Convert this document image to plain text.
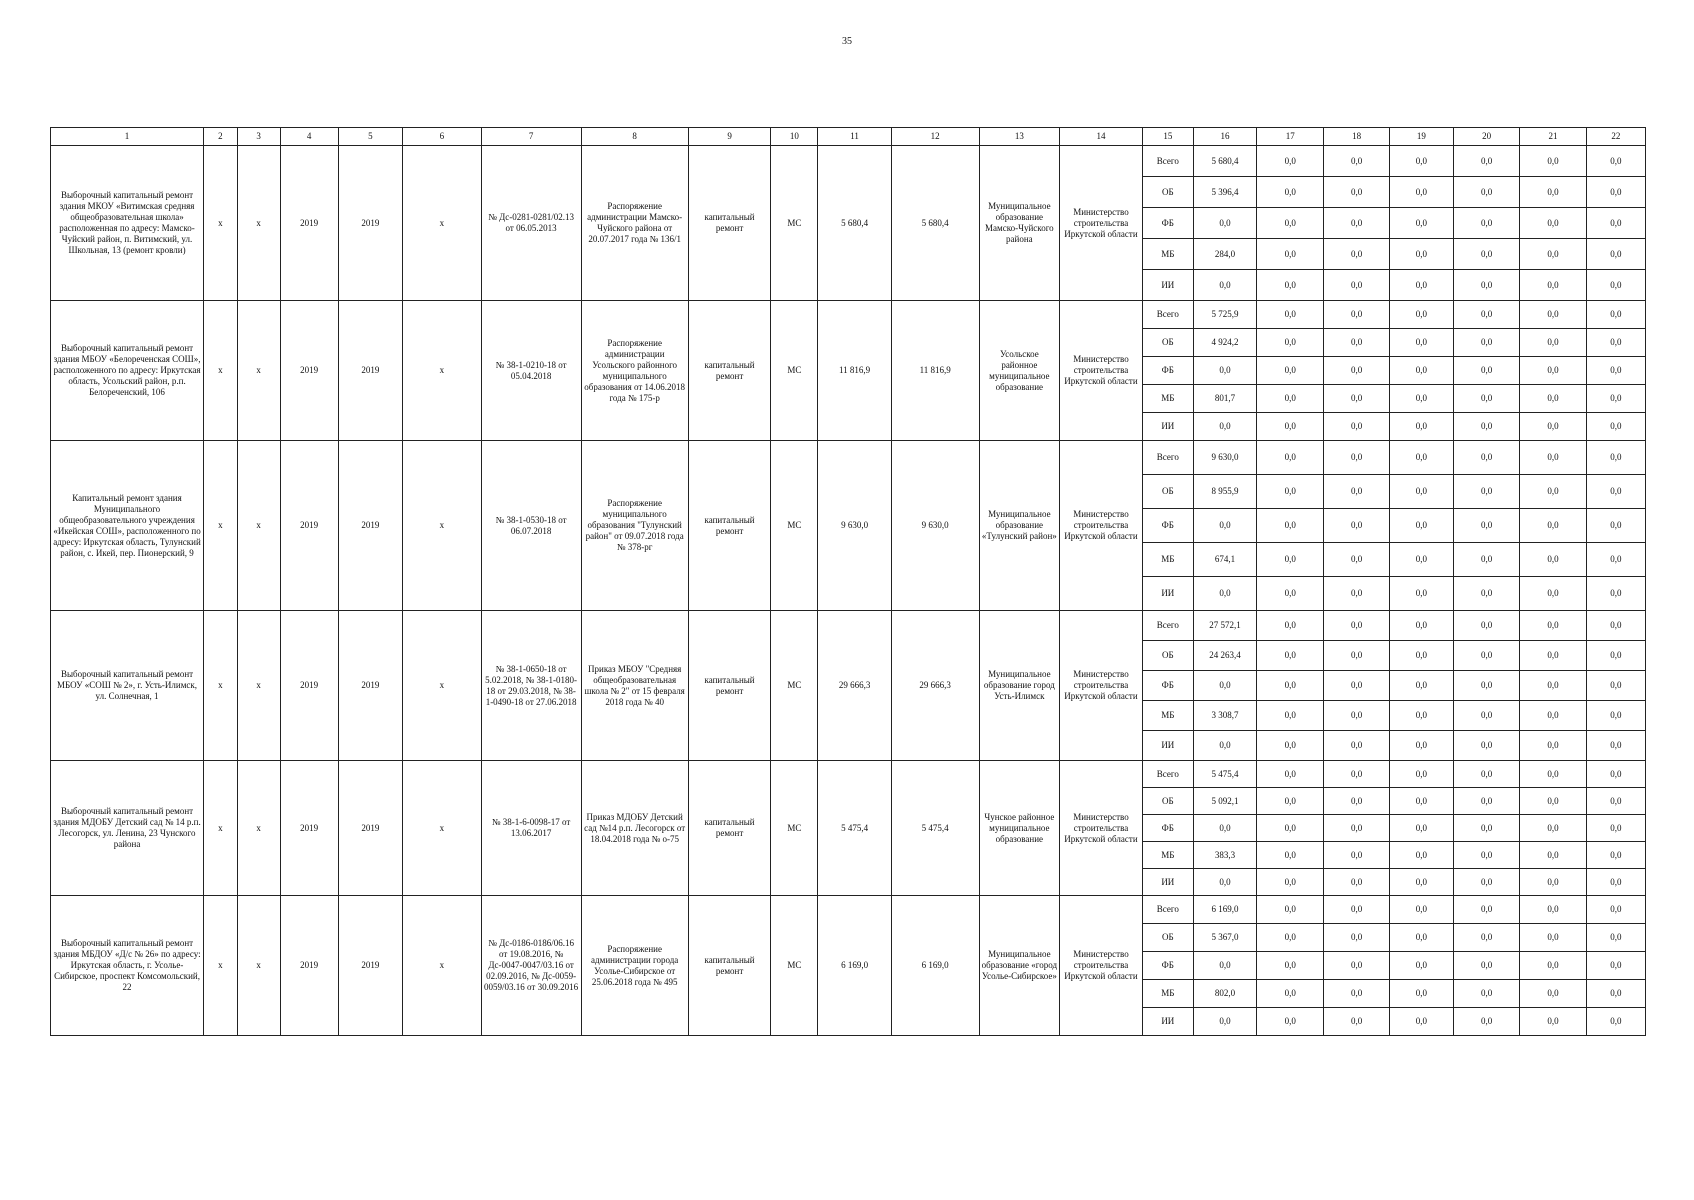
35
1	2	3	4	5	6	7	8	9	10	11	12	13	14	15	16	17	18	19	20	21	22
Выборочный капитальный ремонт здания МКОУ «Витимская средняя общеобразовательная школа» расположенная по адресу: Мамско-Чуйский район, п. Витимский, ул. Школьная, 13 (ремонт кровли)	x	x	2019	2019	x	№ Дс-0281-0281/02.13 от 06.05.2013	Распоряжение администрации Мамско-Чуйского района от 20.07.2017 года № 136/1	капитальный ремонт	МС	5 680,4	5 680,4	Муниципальное образование Мамско-Чуйского района	Министерство строительства Иркутской области	Всего	5 680,4	0,0	0,0	0,0	0,0	0,0	0,0
														ОБ	5 396,4	0,0	0,0	0,0	0,0	0,0	0,0
														ФБ	0,0	0,0	0,0	0,0	0,0	0,0	0,0
														МБ	284,0	0,0	0,0	0,0	0,0	0,0	0,0
														ИИ	0,0	0,0	0,0	0,0	0,0	0,0	0,0
Выборочный капитальный ремонт здания МБОУ «Белореченская СОШ», расположенного по адресу: Иркутская область, Усольский район, р.п. Белореченский, 106	x	x	2019	2019	x	№ 38-1-0210-18 от 05.04.2018	Распоряжение администрации Усольского районного муниципального образования от 14.06.2018 года № 175-р	капитальный ремонт	МС	11 816,9	11 816,9	Усольское районное муниципальное образование	Министерство строительства Иркутской области	Всего	5 725,9	0,0	0,0	0,0	0,0	0,0	0,0
														ОБ	4 924,2	0,0	0,0	0,0	0,0	0,0	0,0
														ФБ	0,0	0,0	0,0	0,0	0,0	0,0	0,0
														МБ	801,7	0,0	0,0	0,0	0,0	0,0	0,0
														ИИ	0,0	0,0	0,0	0,0	0,0	0,0	0,0
Капитальный ремонт здания Муниципального общеобразовательного учреждения «Икейская СОШ», расположенного по адресу: Иркутская область, Тулунский район, с. Икей, пер. Пионерский, 9	x	x	2019	2019	x	№ 38-1-0530-18 от 06.07.2018	Распоряжение муниципального образования "Тулунский район" от 09.07.2018 года № 378-рг	капитальный ремонт	МС	9 630,0	9 630,0	Муниципальное образование «Тулунский район»	Министерство строительства Иркутской области	Всего	9 630,0	0,0	0,0	0,0	0,0	0,0	0,0
														ОБ	8 955,9	0,0	0,0	0,0	0,0	0,0	0,0
														ФБ	0,0	0,0	0,0	0,0	0,0	0,0	0,0
														МБ	674,1	0,0	0,0	0,0	0,0	0,0	0,0
														ИИ	0,0	0,0	0,0	0,0	0,0	0,0	0,0
Выборочный капитальный ремонт МБОУ «СОШ № 2», г. Усть-Илимск, ул. Солнечная, 1	x	x	2019	2019	x	№ 38-1-0650-18 от 5.02.2018, № 38-1-0180-18 от 29.03.2018, № 38-1-0490-18 от 27.06.2018	Приказ МБОУ "Средняя общеобразовательная школа № 2" от 15 февраля 2018 года № 40	капитальный ремонт	МС	29 666,3	29 666,3	Муниципальное образование город Усть-Илимск	Министерство строительства Иркутской области	Всего	27 572,1	0,0	0,0	0,0	0,0	0,0	0,0
														ОБ	24 263,4	0,0	0,0	0,0	0,0	0,0	0,0
														ФБ	0,0	0,0	0,0	0,0	0,0	0,0	0,0
														МБ	3 308,7	0,0	0,0	0,0	0,0	0,0	0,0
														ИИ	0,0	0,0	0,0	0,0	0,0	0,0	0,0
Выборочный капитальный ремонт здания МДОБУ Детский сад № 14 р.п. Лесогорск, ул. Ленина, 23 Чунского района	x	x	2019	2019	x	№ 38-1-6-0098-17 от 13.06.2017	Приказ МДОБУ Детский сад №14 р.п. Лесогорск от 18.04.2018 года № о-75	капитальный ремонт	МС	5 475,4	5 475,4	Чунское районное муниципальное образование	Министерство строительства Иркутской области	Всего	5 475,4	0,0	0,0	0,0	0,0	0,0	0,0
														ОБ	5 092,1	0,0	0,0	0,0	0,0	0,0	0,0
														ФБ	0,0	0,0	0,0	0,0	0,0	0,0	0,0
														МБ	383,3	0,0	0,0	0,0	0,0	0,0	0,0
														ИИ	0,0	0,0	0,0	0,0	0,0	0,0	0,0
Выборочный капитальный ремонт здания МБДОУ «Д/с № 26» по адресу: Иркутская область, г. Усолье-Сибирское, проспект Комсомольский, 22	x	x	2019	2019	x	№ Дс-0186-0186/06.16 от 19.08.2016, № Дс-0047-0047/03.16 от 02.09.2016, № Дс-0059-0059/03.16 от 30.09.2016	Распоряжение администрации города Усолье-Сибирское от 25.06.2018 года № 495	капитальный ремонт	МС	6 169,0	6 169,0	Муниципальное образование «город Усолье-Сибирское»	Министерство строительства Иркутской области	Всего	6 169,0	0,0	0,0	0,0	0,0	0,0	0,0
														ОБ	5 367,0	0,0	0,0	0,0	0,0	0,0	0,0
														ФБ	0,0	0,0	0,0	0,0	0,0	0,0	0,0
														МБ	802,0	0,0	0,0	0,0	0,0	0,0	0,0
														ИИ	0,0	0,0	0,0	0,0	0,0	0,0	0,0
